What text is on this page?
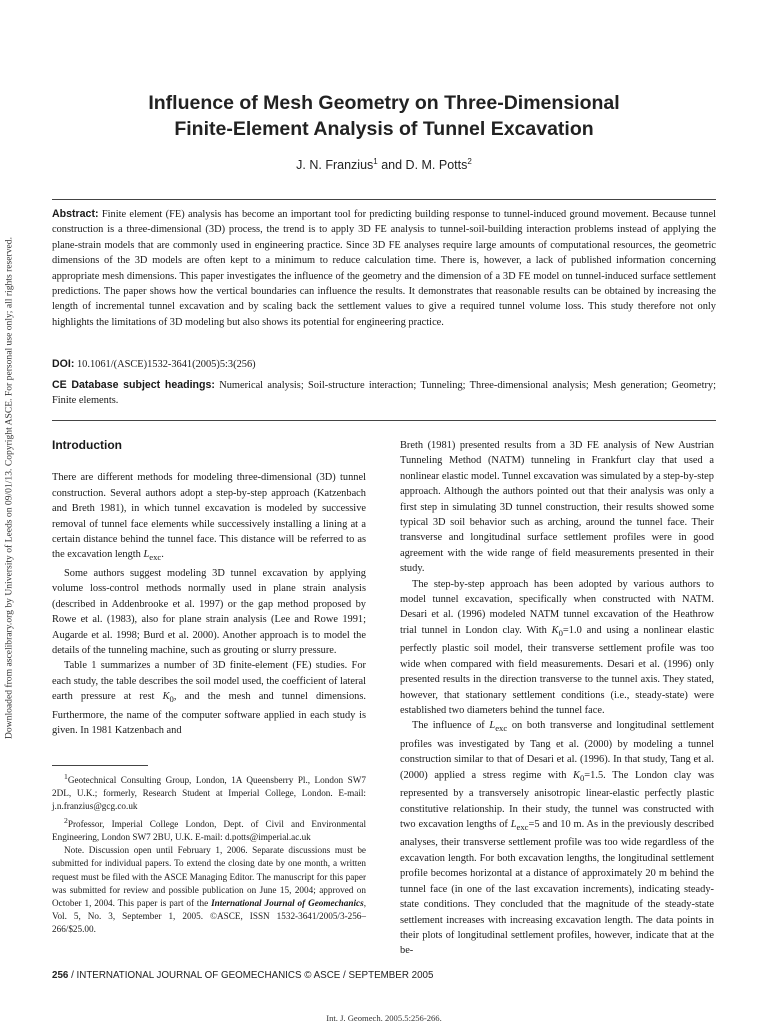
Downloaded from ascelibrary.org by University of Leeds on 09/01/13. Copyright ASCE. For personal use only; all rights reserved.
Influence of Mesh Geometry on Three-Dimensional
Finite-Element Analysis of Tunnel Excavation
J. N. Franzius$^1$ and D. M. Potts$^2$
Abstract: Finite element (FE) analysis has become an important tool for predicting building response to tunnel-induced ground movement. Because tunnel construction is a three-dimensional (3D) process, the trend is to apply 3D FE analysis to tunnel-soil-building interaction problems instead of applying the plane-strain models that are commonly used in engineering practice. Since 3D FE analyses require large amounts of computational resources, the geometric dimensions of the 3D models are often kept to a minimum to reduce calculation time. There is, however, a lack of published information concerning appropriate mesh dimensions. This paper investigates the influence of the geometry and the dimension of a 3D FE model on tunnel-induced surface settlement predictions. The paper shows how the vertical boundaries can influence the results. It demonstrates that reasonable results can be obtained by increasing the length of incremental tunnel excavation and by scaling back the settlement values to give a required tunnel volume loss. This study therefore not only highlights the limitations of 3D modeling but also shows its potential for engineering practice.
DOI: 10.1061/(ASCE)1532-3641(2005)5:3(256)
CE Database subject headings: Numerical analysis; Soil-structure interaction; Tunneling; Three-dimensional analysis; Mesh generation; Geometry; Finite elements.
Introduction

There are different methods for modeling three-dimensional (3D) tunnel construction. Several authors adopt a step-by-step approach (Katzenbach and Breth 1981), in which tunnel excavation is modeled by successive removal of tunnel face elements while successively installing a lining at a certain distance behind the tunnel face. This distance will be referred to as the excavation length $L_{exc}$.

Some authors suggest modeling 3D tunnel excavation by applying volume loss-control methods normally used in plane strain analysis (described in Addenbrooke et al. 1997) or the gap method proposed by Rowe et al. (1983), also for plane strain analysis (Lee and Rowe 1991; Augarde et al. 1998; Burd et al. 2000). Another approach is to model the details of the tunneling machine, such as grouting or slurry pressure.

Table 1 summarizes a number of 3D finite-element (FE) studies. For each study, the table describes the soil model used, the coefficient of lateral earth pressure at rest $K_0$, and the mesh and tunnel dimensions. Furthermore, the name of the computer software applied in each study is given. In 1981 Katzenbach and

$^1$Geotechnical Consulting Group, London, 1A Queensberry Pl., London SW7 2DL, U.K.; formerly, Research Student at Imperial College, London. E-mail: j.n.franzius@gcg.co.uk

$^2$Professor, Imperial College London, Dept. of Civil and Environmental Engineering, London SW7 2BU, U.K. E-mail: d.potts@imperial.ac.uk

Note. Discussion open until February 1, 2006. Separate discussions must be submitted for individual papers. To extend the closing date by one month, a written request must be filed with the ASCE Managing Editor. The manuscript for this paper was submitted for review and possible publication on June 15, 2004; approved on October 1, 2004. This paper is part of the International Journal of Geomechanics, Vol. 5, No. 3, September 1, 2005. ©ASCE, ISSN 1532-3641/2005/3-256–266/$25.00.

Breth (1981) presented results from a 3D FE analysis of New Austrian Tunneling Method (NATM) tunneling in Frankfurt clay that used a nonlinear elastic model. Tunnel excavation was simulated by a step-by-step approach. Although the authors pointed out that their analysis was only a first step in simulating 3D tunnel construction, their results showed some typical 3D soil behavior such as arching, around the tunnel face. Their transverse and longitudinal surface settlement profiles were in good agreement with the wide range of field measurements presented in their study.

The step-by-step approach has been adopted by various authors to model tunnel excavation, specifically when constructed with NATM. Desari et al. (1996) modeled NATM tunnel excavation of the Heathrow trial tunnel in London clay. With $K_0=1.0$ and using a nonlinear elastic perfectly plastic soil model, their transverse settlement profile was too wide when compared with field measurements. Desari et al. (1996) only presented results in the direction transverse to the tunnel axis. They stated, however, that stationary settlement conditions (i.e., steady-state) were established two diameters behind the tunnel face.

The influence of $L_{exc}$ on both transverse and longitudinal settlement profiles was investigated by Tang et al. (2000) by modeling a tunnel construction similar to that of Desari et al. (1996). In that study, Tang et al. (2000) applied a stress regime with $K_0=1.5$. The London clay was represented by a transversely anisotropic linear-elastic perfectly plastic constitutive relationship. In their study, the tunnel was constructed with two excavation lengths of $L_{exc}=5$ and 10 m. As in the previously described analyses, their transverse settlement profile was too wide regardless of the excavation length. For both excavation lengths, the longitudinal settlement profile becomes horizontal at a distance of approximately 20 m behind the tunnel face (in one of the last excavation increments), indicating steady-state conditions. They concluded that the magnitude of the steady-state settlement increases with increasing excavation length. The data points in their plots of longitudinal settlement profiles, however, indicate that at the be-

256 / INTERNATIONAL JOURNAL OF GEOMECHANICS © ASCE / SEPTEMBER 2005
Int. J. Geomech. 2005.5:256-266.
